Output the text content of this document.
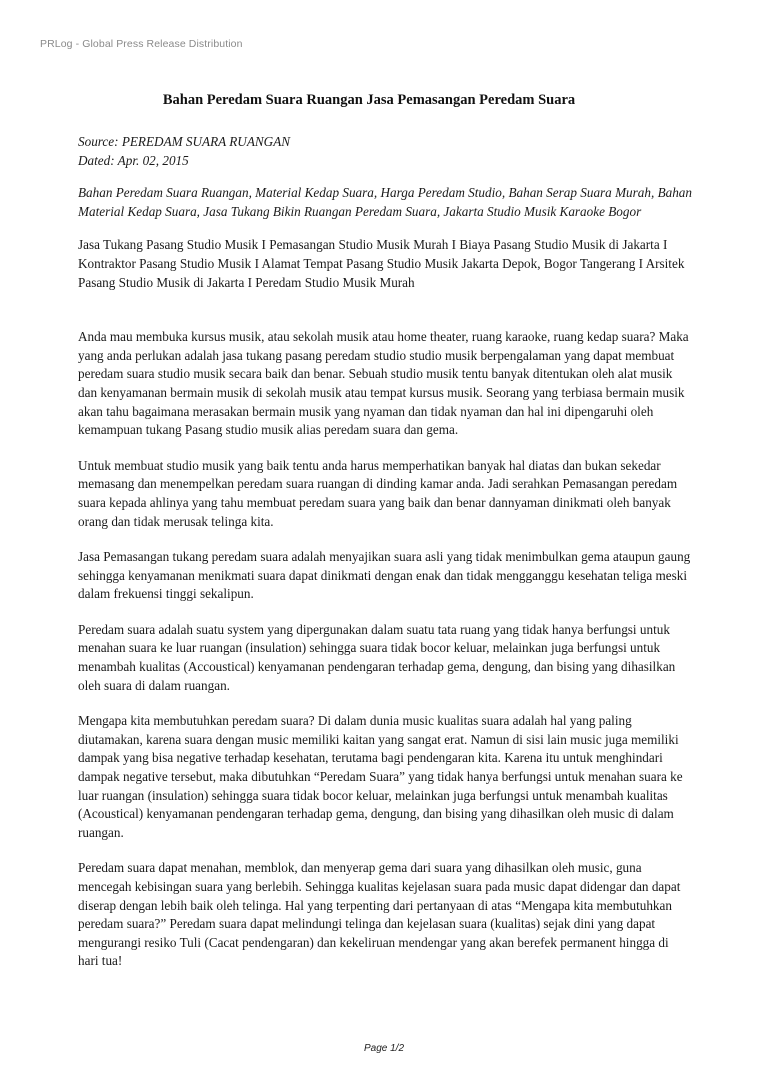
PRLog - Global Press Release Distribution
Bahan Peredam Suara Ruangan Jasa Pemasangan Peredam Suara

Source: PEREDAM SUARA RUANGAN

Dated: Apr. 02, 2015

Bahan Peredam Suara Ruangan, Material Kedap Suara, Harga Peredam Studio, Bahan Serap Suara Murah, Bahan Material Kedap Suara, Jasa Tukang Bikin Ruangan Peredam Suara, Jakarta Studio Musik Karaoke Bogor

Jasa Tukang Pasang Studio Musik I Pemasangan Studio Musik Murah I Biaya Pasang Studio Musik di Jakarta I Kontraktor Pasang Studio Musik I Alamat Tempat Pasang Studio Musik Jakarta Depok, Bogor Tangerang I Arsitek Pasang Studio Musik di Jakarta I Peredam Studio Musik Murah

Anda mau membuka kursus musik, atau sekolah musik atau home theater, ruang karaoke, ruang kedap suara? Maka yang anda perlukan adalah jasa tukang pasang peredam studio studio musik berpengalaman yang dapat membuat peredam suara studio musik secara baik dan benar. Sebuah studio musik tentu banyak ditentukan oleh alat musik dan kenyamanan bermain musik di sekolah musik atau tempat kursus musik. Seorang yang terbiasa bermain musik akan tahu bagaimana merasakan bermain musik yang nyaman dan tidak nyaman dan hal ini dipengaruhi oleh kemampuan tukang Pasang studio musik alias peredam suara dan gema.

Untuk membuat studio musik yang baik tentu anda harus memperhatikan banyak hal diatas dan bukan sekedar memasang dan menempelkan peredam suara ruangan di dinding kamar anda. Jadi serahkan Pemasangan peredam suara kepada ahlinya yang tahu membuat peredam suara yang baik dan benar dannyaman dinikmati oleh banyak orang dan tidak merusak telinga kita.

Jasa Pemasangan tukang peredam suara adalah menyajikan suara asli yang tidak menimbulkan gema ataupun gaung sehingga kenyamanan menikmati suara dapat dinikmati dengan enak dan tidak mengganggu kesehatan teliga meski dalam frekuensi tinggi sekalipun.

Peredam suara adalah suatu system yang dipergunakan dalam suatu tata ruang yang tidak hanya berfungsi untuk menahan suara ke luar ruangan (insulation) sehingga suara tidak bocor keluar, melainkan juga berfungsi untuk menambah kualitas (Accoustical) kenyamanan pendengaran terhadap gema, dengung, dan bising yang dihasilkan oleh suara di dalam ruangan.

Mengapa kita membutuhkan peredam suara? Di dalam dunia music kualitas suara adalah hal yang paling diutamakan, karena suara dengan music memiliki kaitan yang sangat erat. Namun di sisi lain music juga memiliki dampak yang bisa negative terhadap kesehatan, terutama bagi pendengaran kita. Karena itu untuk menghindari dampak negative tersebut, maka dibutuhkan “Peredam Suara” yang tidak hanya berfungsi untuk menahan suara ke luar ruangan (insulation) sehingga suara tidak bocor keluar, melainkan juga berfungsi untuk menambah kualitas (Acoustical) kenyamanan pendengaran terhadap gema, dengung, dan bising yang dihasilkan oleh music di dalam ruangan.

Peredam suara dapat menahan, memblok, dan menyerap gema dari suara yang dihasilkan oleh music, guna mencegah kebisingan suara yang berlebih. Sehingga kualitas kejelasan suara pada music dapat didengar dan dapat diserap dengan lebih baik oleh telinga. Hal yang terpenting dari pertanyaan di atas “Mengapa kita membutuhkan peredam suara?” Peredam suara dapat melindungi telinga dan kejelasan suara (kualitas) sejak dini yang dapat mengurangi resiko Tuli (Cacat pendengaran) dan kekeliruan mendengar yang akan berefek permanent hingga di hari tua!

Page 1/2
